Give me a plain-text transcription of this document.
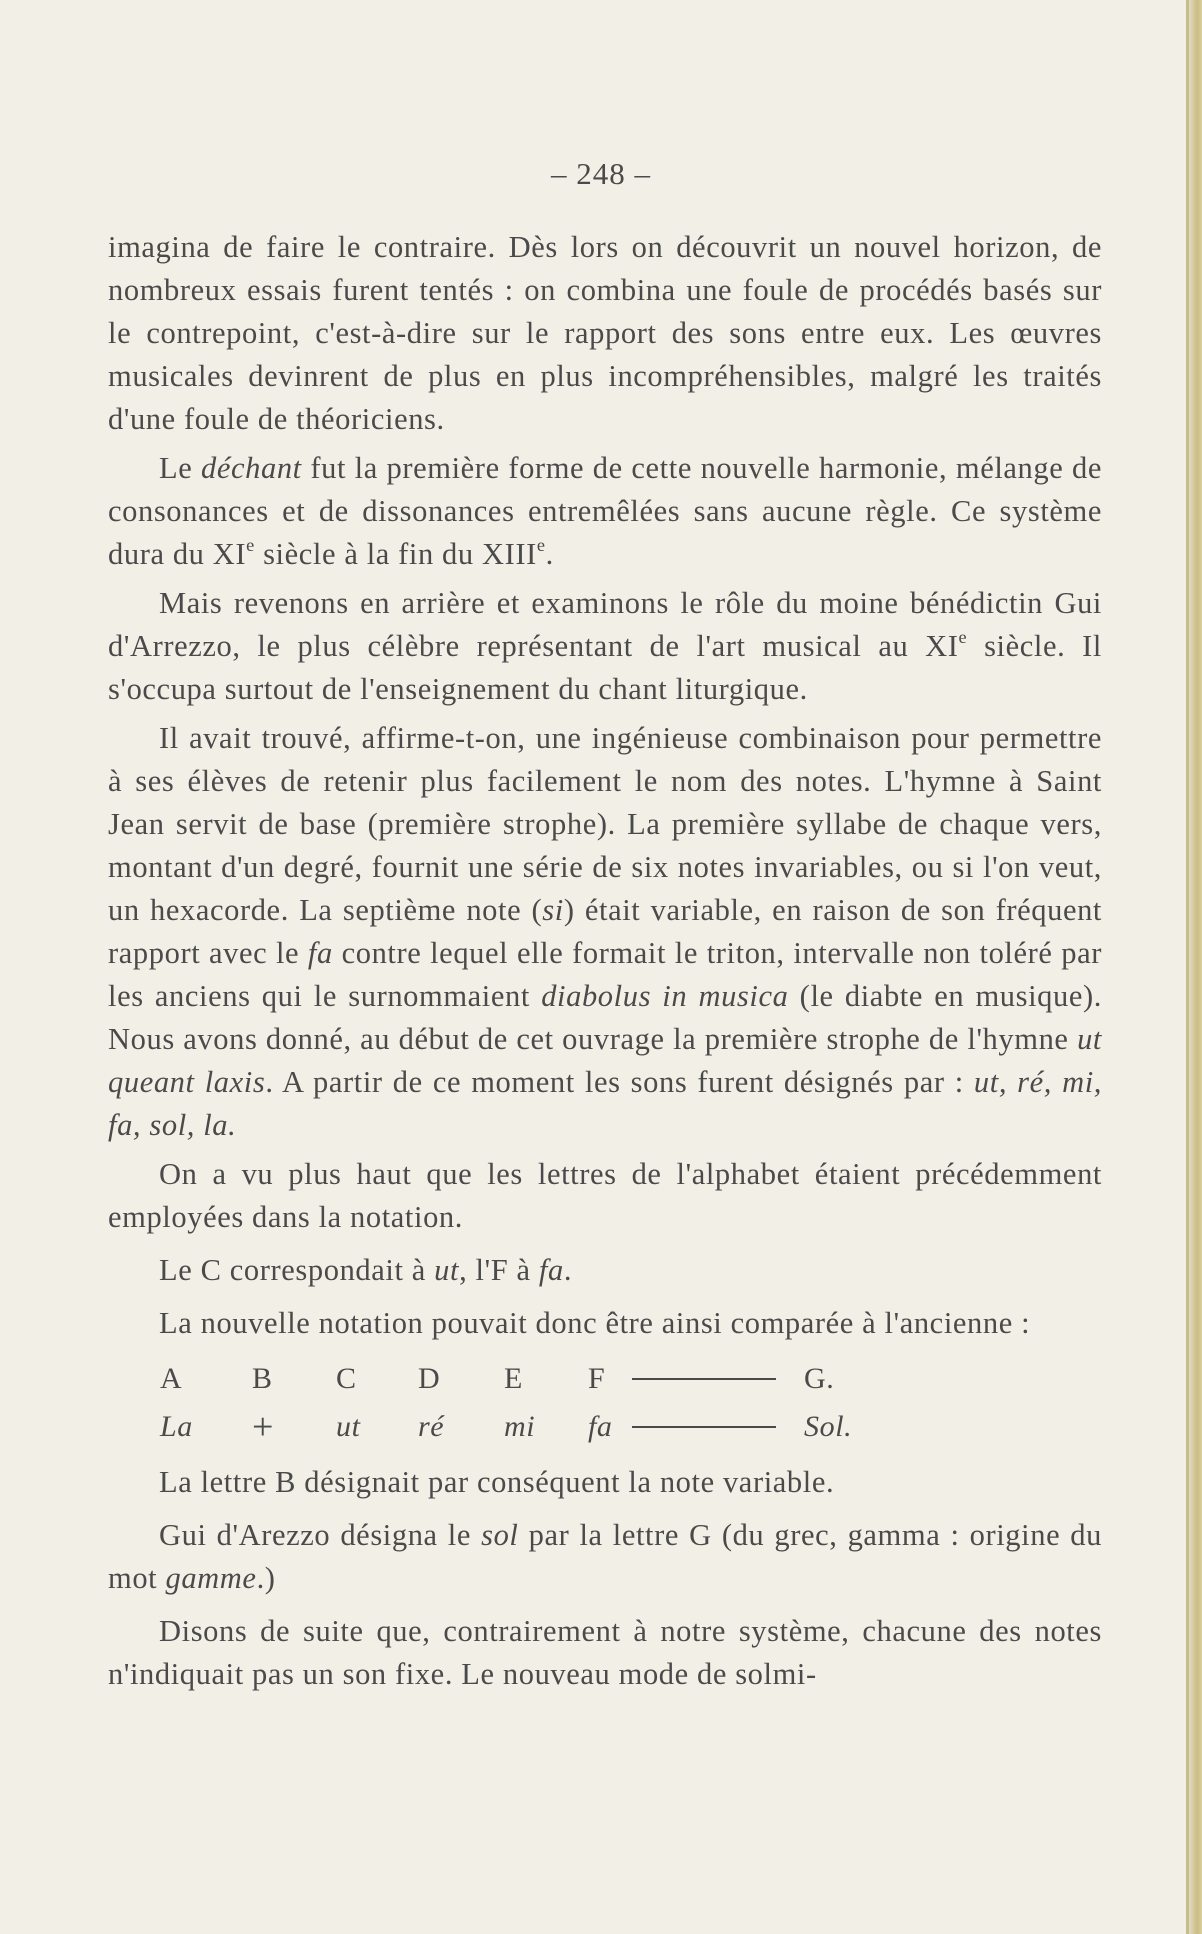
– 248 –

imagina de faire le contraire. Dès lors on découvrit un nouvel horizon, de nombreux essais furent tentés : on combina une foule de procédés basés sur le contrepoint, c'est-à-dire sur le rapport des sons entre eux. Les œuvres musicales devinrent de plus en plus incompréhensibles, malgré les traités d'une foule de théoriciens.

Le déchant fut la première forme de cette nouvelle harmonie, mélange de consonances et de dissonances entremêlées sans aucune règle. Ce système dura du XIe siècle à la fin du XIIIe.

Mais revenons en arrière et examinons le rôle du moine bénédictin Gui d'Arrezzo, le plus célèbre représentant de l'art musical au XIe siècle. Il s'occupa surtout de l'enseignement du chant liturgique.

Il avait trouvé, affirme-t-on, une ingénieuse combinaison pour permettre à ses élèves de retenir plus facilement le nom des notes. L'hymne à Saint Jean servit de base (première strophe). La première syllabe de chaque vers, montant d'un degré, fournit une série de six notes invariables, ou si l'on veut, un hexacorde. La septième note (si) était variable, en raison de son fréquent rapport avec le fa contre lequel elle formait le triton, intervalle non toléré par les anciens qui le surnommaient diabolus in musica (le diabte en musique). Nous avons donné, au début de cet ouvrage la première strophe de l'hymne ut queant laxis. A partir de ce moment les sons furent désignés par : ut, ré, mi, fa, sol, la.

On a vu plus haut que les lettres de l'alphabet étaient précédemment employées dans la notation.

Le C correspondait à ut, l'F à fa.

La nouvelle notation pouvait donc être ainsi comparée à l'ancienne :

A	B	C	D	E	F	G.
La	+	ut	ré	mi	fa	Sol.

La lettre B désignait par conséquent la note variable.

Gui d'Arezzo désigna le sol par la lettre G (du grec, gamma : origine du mot gamme.)

Disons de suite que, contrairement à notre système, chacune des notes n'indiquait pas un son fixe. Le nouveau mode de solmi-
